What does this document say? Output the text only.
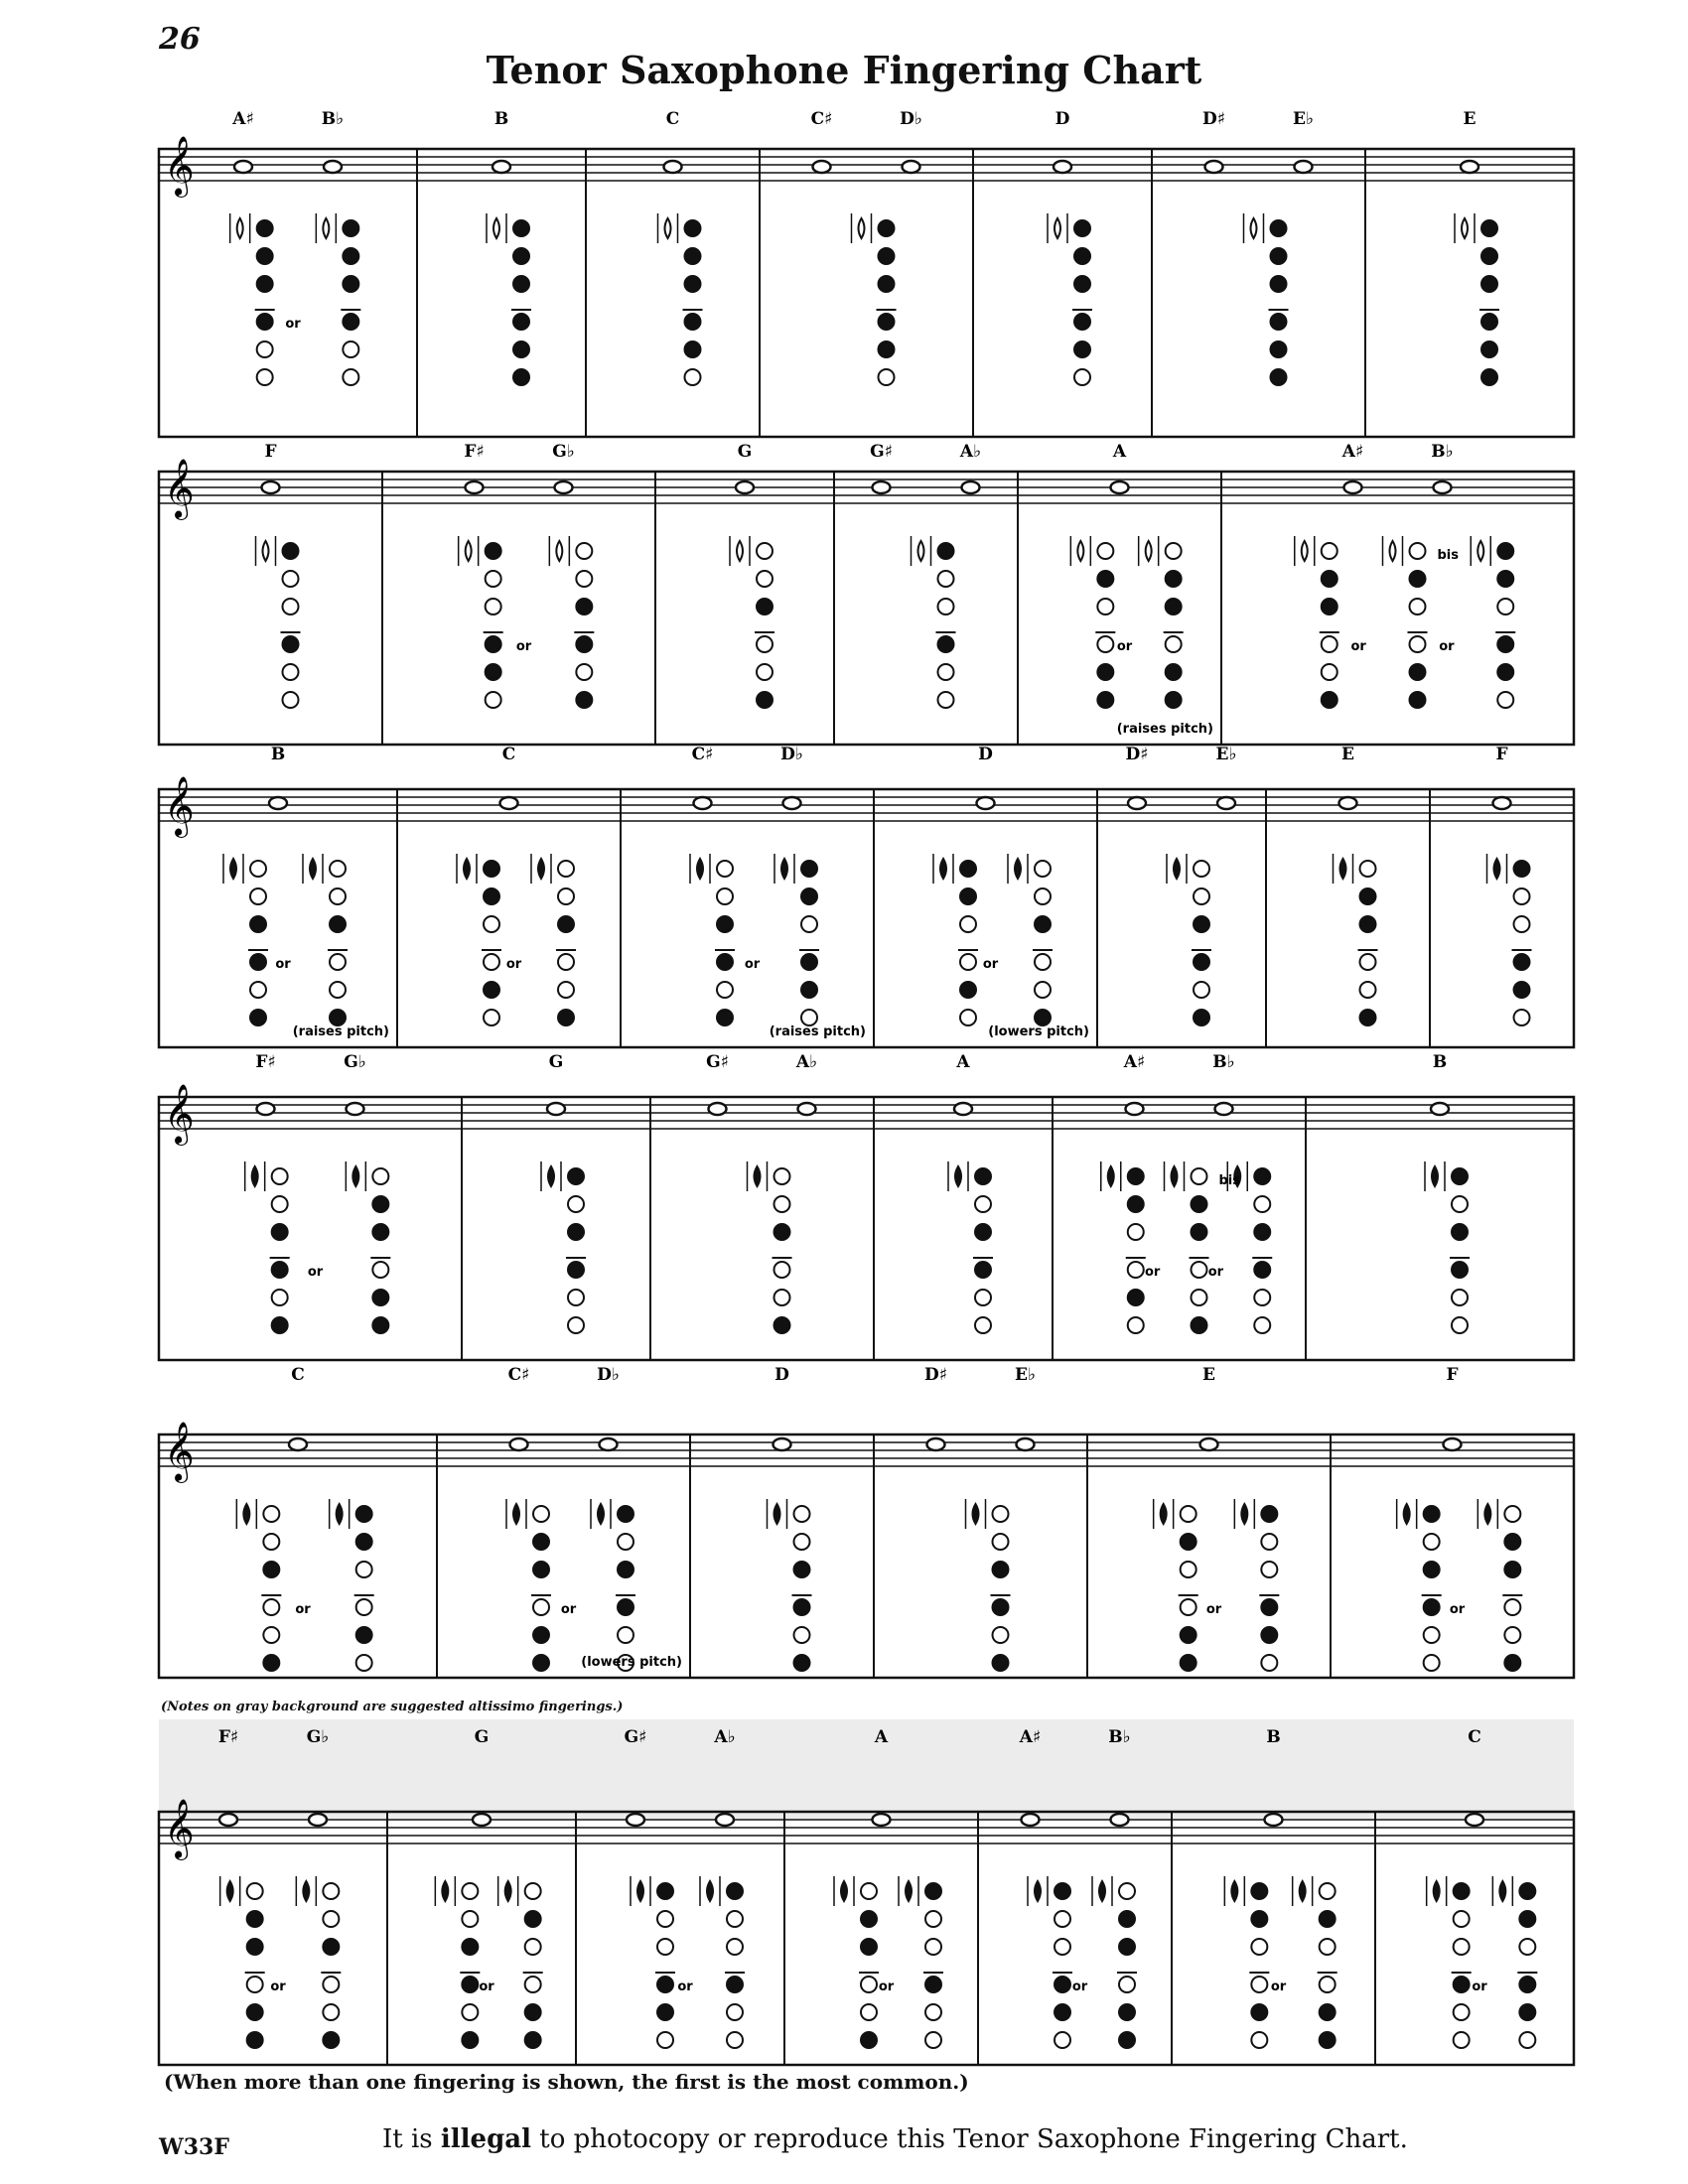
26
Tenor Saxophone Fingering Chart
(Notes on gray background are suggested altissimo fingerings.)
𝄞
A♯	B♭
or
B	C	C♯	D♭	D	D♯	E♭	E
𝄞
F	F♯	G♭
or
G	G♯	A♭	A
or
(raises pitch)
A♯	B♭
or	or
bis
𝄞
B
or
(raises pitch)
C
or
C♯	D♭
or
(raises pitch)
D
or
(lowers pitch)
D♯	E♭	E	F
𝄞
F♯	G♭
or
G	G♯	A♭	A	A♯	B♭
or	or
bis
B
𝄞
C
or
C♯	D♭
or
(lowers pitch)
D	D♯	E♭	E
or
F
or
𝄞
F♯	G♭
or
G
or
G♯	A♭
or
A
or
A♯	B♭
or
B
or
C
or
(When more than one fingering is shown, the first is the most common.)
W33F	It is illegal to photocopy or reproduce this Tenor Saxophone Fingering Chart.
